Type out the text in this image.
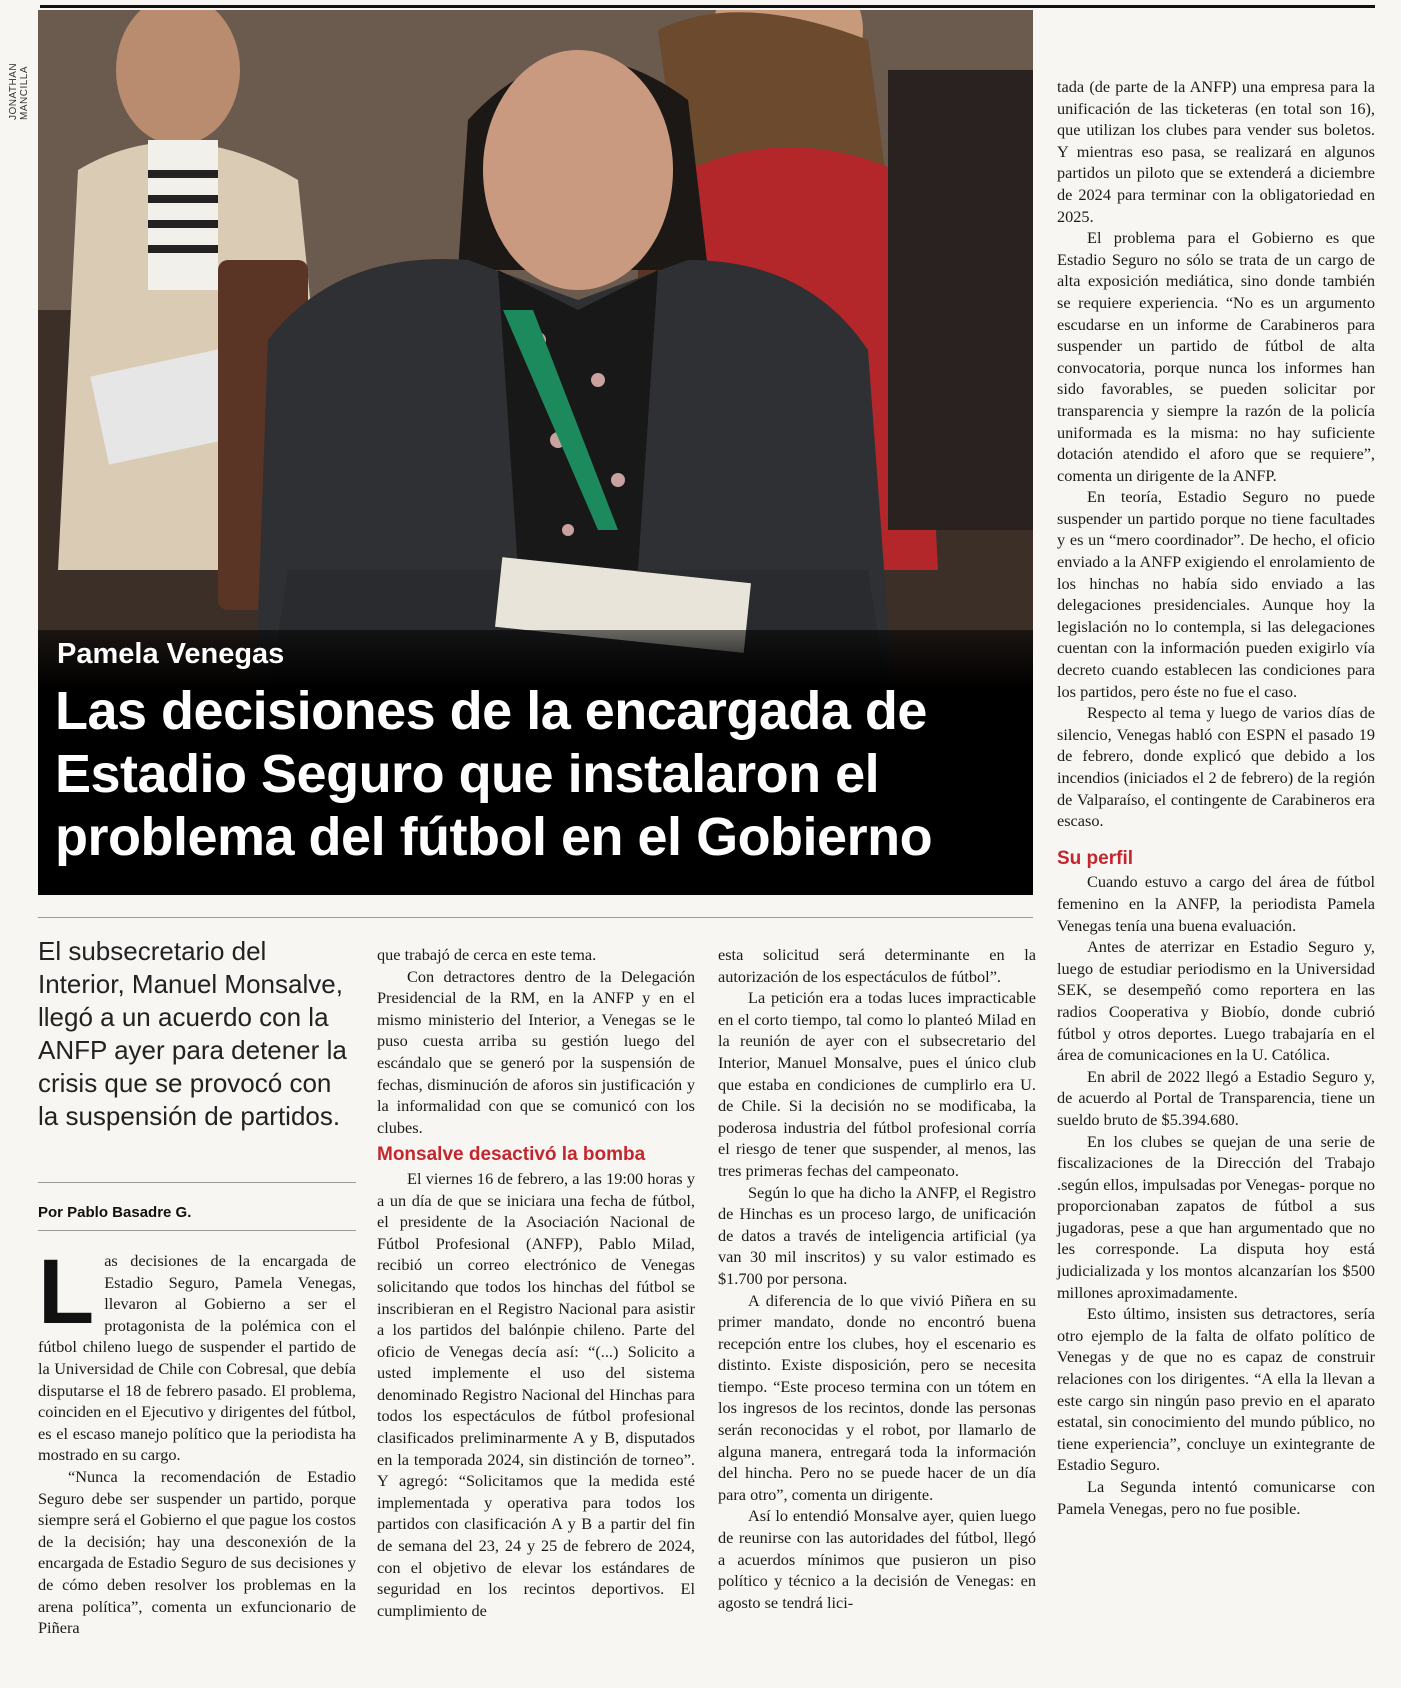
JONATHAN MANCILLA
Pamela Venegas
Las decisiones de la encargada de Estadio Seguro que instalaron el problema del fútbol en el Gobierno

El subsecretario del Interior, Manuel Monsalve, llegó a un acuerdo con la ANFP ayer para detener la crisis que se provocó con la suspensión de partidos.

Por Pablo Basadre G.
L as decisiones de la encargada de Estadio Seguro, Pamela Venegas, llevaron al Gobierno a ser el protagonista de la polémica con el fútbol chileno luego de suspender el partido de la Universidad de Chile con Cobresal, que debía disputarse el 18 de febrero pasado. El problema, coinciden en el Ejecutivo y dirigentes del fútbol, es el escaso manejo político que la periodista ha mostrado en su cargo.

“Nunca la recomendación de Estadio Seguro debe ser suspender un partido, porque siempre será el Gobierno el que pague los costos de la decisión; hay una desconexión de la encargada de Estadio Seguro de sus decisiones y de cómo deben resolver los problemas en la arena política”, comenta un exfuncionario de Piñera

que trabajó de cerca en este tema.

Con detractores dentro de la Delegación Presidencial de la RM, en la ANFP y en el mismo ministerio del Interior, a Venegas se le puso cuesta arriba su gestión luego del escándalo que se generó por la suspensión de fechas, disminución de aforos sin justificación y la informalidad con que se comunicó con los clubes.

Monsalve desactivó la bomba

El viernes 16 de febrero, a las 19:00 horas y a un día de que se iniciara una fecha de fútbol, el presidente de la Asociación Nacional de Fútbol Profesional (ANFP), Pablo Milad, recibió un correo electrónico de Venegas solicitando que todos los hinchas del fútbol se inscribieran en el Registro Nacional para asistir a los partidos del balónpie chileno. Parte del oficio de Venegas decía así: “(...) Solicito a usted implemente el uso del sistema denominado Registro Nacional del Hinchas para todos los espectáculos de fútbol profesional clasificados preliminarmente A y B, disputados en la temporada 2024, sin distinción de torneo”. Y agregó: “Solicitamos que la medida esté implementada y operativa para todos los partidos con clasificación A y B a partir del fin de semana del 23, 24 y 25 de febrero de 2024, con el objetivo de elevar los estándares de seguridad en los recintos deportivos. El cumplimiento de

esta solicitud será determinante en la autorización de los espectáculos de fútbol”.

La petición era a todas luces impracticable en el corto tiempo, tal como lo planteó Milad en la reunión de ayer con el subsecretario del Interior, Manuel Monsalve, pues el único club que estaba en condiciones de cumplirlo era U. de Chile. Si la decisión no se modificaba, la poderosa industria del fútbol profesional corría el riesgo de tener que suspender, al menos, las tres primeras fechas del campeonato.

Según lo que ha dicho la ANFP, el Registro de Hinchas es un proceso largo, de unificación de datos a través de inteligencia artificial (ya van 30 mil inscritos) y su valor estimado es $1.700 por persona.

A diferencia de lo que vivió Piñera en su primer mandato, donde no encontró buena recepción entre los clubes, hoy el escenario es distinto. Existe disposición, pero se necesita tiempo. “Este proceso termina con un tótem en los ingresos de los recintos, donde las personas serán reconocidas y el robot, por llamarlo de alguna manera, entregará toda la información del hincha. Pero no se puede hacer de un día para otro”, comenta un dirigente.

Así lo entendió Monsalve ayer, quien luego de reunirse con las autoridades del fútbol, llegó a acuerdos mínimos que pusieron un piso político y técnico a la decisión de Venegas: en agosto se tendrá lici-

tada (de parte de la ANFP) una empresa para la unificación de las ticketeras (en total son 16), que utilizan los clubes para vender sus boletos. Y mientras eso pasa, se realizará en algunos partidos un piloto que se extenderá a diciembre de 2024 para terminar con la obligatoriedad en 2025.

El problema para el Gobierno es que Estadio Seguro no sólo se trata de un cargo de alta exposición mediática, sino donde también se requiere experiencia. “No es un argumento escudarse en un informe de Carabineros para suspender un partido de fútbol de alta convocatoria, porque nunca los informes han sido favorables, se pueden solicitar por transparencia y siempre la razón de la policía uniformada es la misma: no hay suficiente dotación atendido el aforo que se requiere”, comenta un dirigente de la ANFP.

En teoría, Estadio Seguro no puede suspender un partido porque no tiene facultades y es un “mero coordinador”. De hecho, el oficio enviado a la ANFP exigiendo el enrolamiento de los hinchas no había sido enviado a las delegaciones presidenciales. Aunque hoy la legislación no lo contempla, si las delegaciones cuentan con la información pueden exigirlo vía decreto cuando establecen las condiciones para los partidos, pero éste no fue el caso.

Respecto al tema y luego de varios días de silencio, Venegas habló con ESPN el pasado 19 de febrero, donde explicó que debido a los incendios (iniciados el 2 de febrero) de la región de Valparaíso, el contingente de Carabineros era escaso.

Su perfil

Cuando estuvo a cargo del área de fútbol femenino en la ANFP, la periodista Pamela Venegas tenía una buena evaluación.

Antes de aterrizar en Estadio Seguro y, luego de estudiar periodismo en la Universidad SEK, se desempeñó como reportera en las radios Cooperativa y Biobío, donde cubrió fútbol y otros deportes. Luego trabajaría en el área de comunicaciones en la U. Católica.

En abril de 2022 llegó a Estadio Seguro y, de acuerdo al Portal de Transparencia, tiene un sueldo bruto de $5.394.680.

En los clubes se quejan de una serie de fiscalizaciones de la Dirección del Trabajo .según ellos, impulsadas por Venegas- porque no proporcionaban zapatos de fútbol a sus jugadoras, pese a que han argumentado que no les corresponde. La disputa hoy está judicializada y los montos alcanzarían los $500 millones aproximadamente.

Esto último, insisten sus detractores, sería otro ejemplo de la falta de olfato político de Venegas y de que no es capaz de construir relaciones con los dirigentes. “A ella la llevan a este cargo sin ningún paso previo en el aparato estatal, sin conocimiento del mundo público, no tiene experiencia”, concluye un exintegrante de Estadio Seguro.

La Segunda intentó comunicarse con Pamela Venegas, pero no fue posible.
